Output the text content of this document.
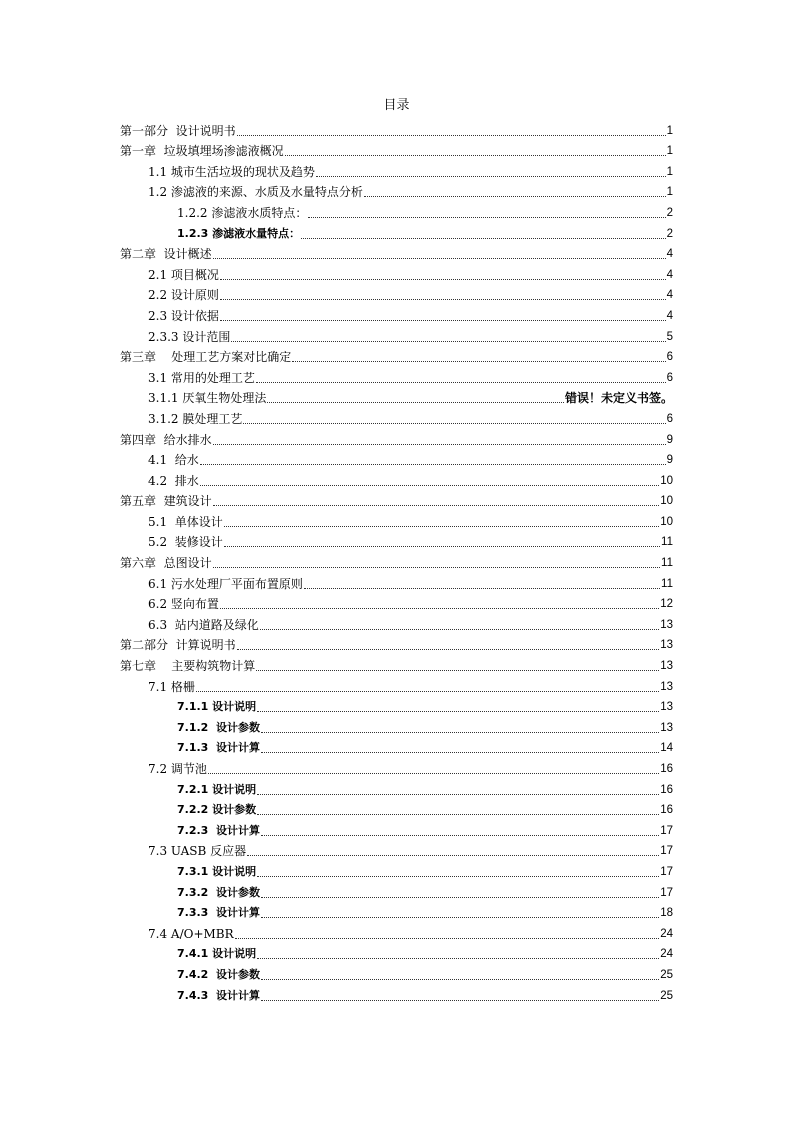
目录
第一部分  设计说明书	1
第一章  垃圾填埋场渗滤液概况	1
1.1 城市生活垃圾的现状及趋势	1
1.2 渗滤液的来源、水质及水量特点分析	1
1.2.2 渗滤液水质特点：	2
1.2.3 渗滤液水量特点：	2
第二章  设计概述	4
2.1 项目概况	4
2.2 设计原则	4
2.3 设计依据	4
2.3.3 设计范围	5
第三章    处理工艺方案对比确定	6
3.1 常用的处理工艺	6
3.1.1 厌氧生物处理法	错误！未定义书签。
3.1.2 膜处理工艺	6
第四章  给水排水	9
4.1  给水	9
4.2  排水	10
第五章  建筑设计	10
5.1  单体设计	10
5.2  装修设计	11
第六章  总图设计	11
6.1 污水处理厂平面布置原则	11
6.2 竖向布置	12
6.3  站内道路及绿化	13
第二部分  计算说明书	13
第七章    主要构筑物计算	13
7.1 格栅	13
7.1.1 设计说明	13
7.1.2  设计参数	13
7.1.3  设计计算	14
7.2 调节池	16
7.2.1 设计说明	16
7.2.2 设计参数	16
7.2.3  设计计算	17
7.3 UASB 反应器	17
7.3.1 设计说明	17
7.3.2  设计参数	17
7.3.3  设计计算	18
7.4 A/O+MBR	24
7.4.1 设计说明	24
7.4.2  设计参数	25
7.4.3  设计计算	25
